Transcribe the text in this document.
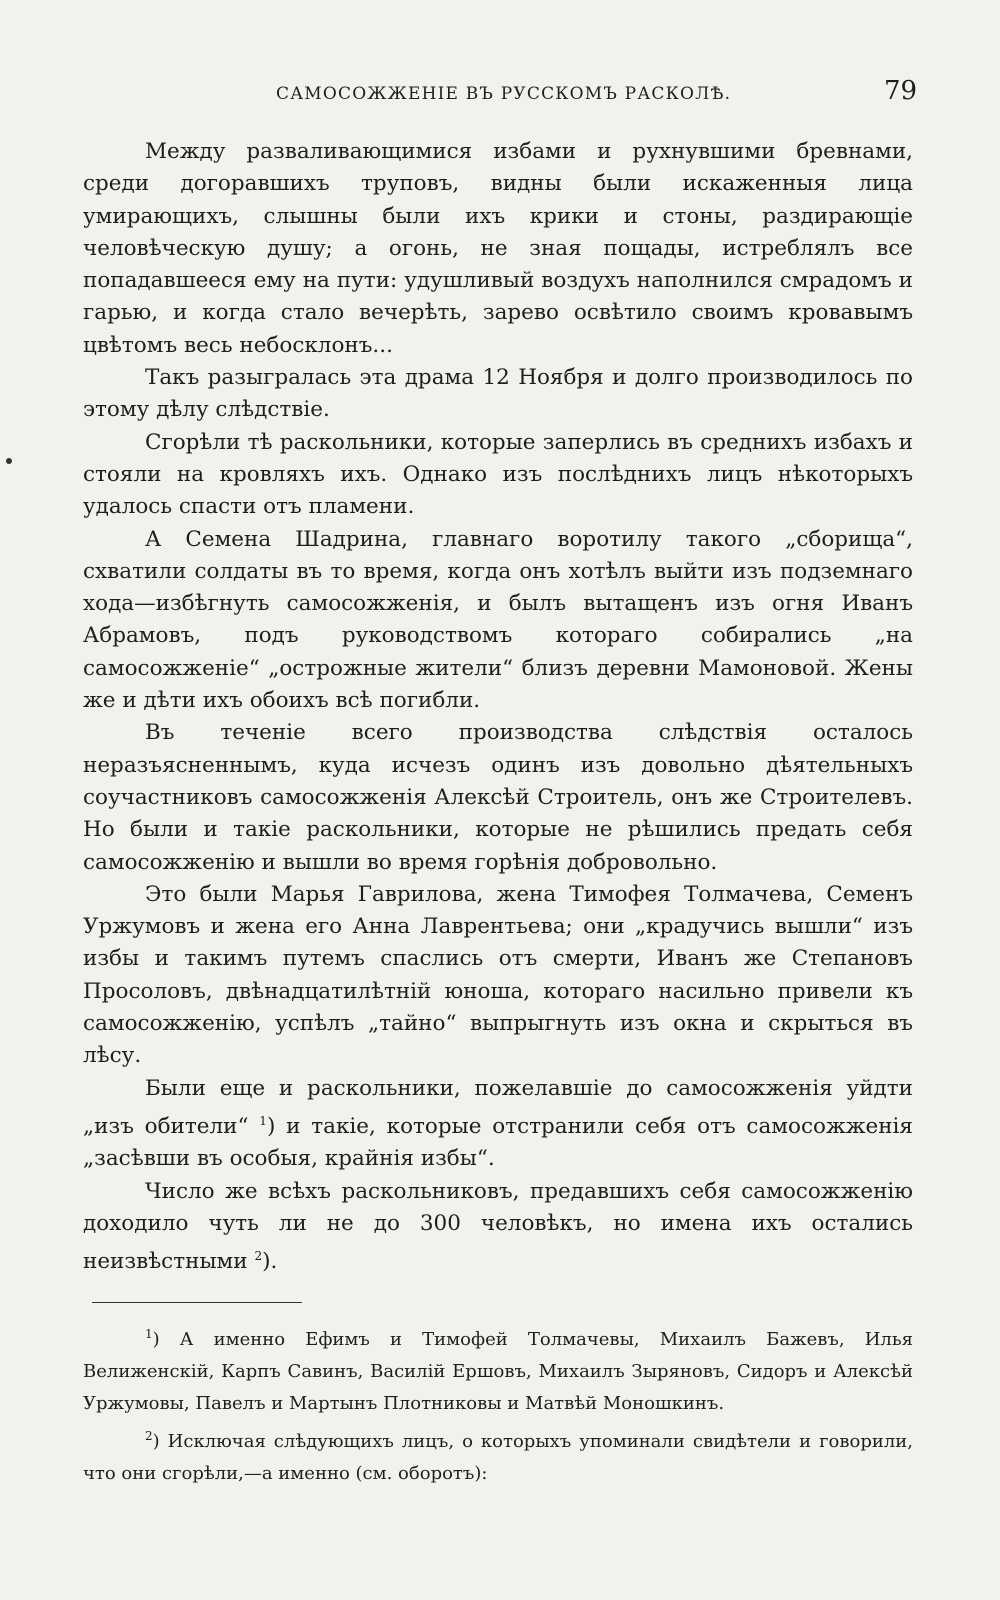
САМОСОЖЖЕНІЕ ВЪ РУССКОМЪ РАСКОЛѢ.	79

Между разваливающимися избами и рухнувшими бревнами, среди догоравшихъ труповъ, видны были искаженныя лица умирающихъ, слышны были ихъ крики и стоны, раздирающіе человѣческую душу; а огонь, не зная пощады, истреблялъ все попадавшееся ему на пути: удушливый воздухъ наполнился смрадомъ и гарью, и когда стало вечерѣть, зарево освѣтило своимъ кровавымъ цвѣтомъ весь небосклонъ...

Такъ разыгралась эта драма 12 Ноября и долго производилось по этому дѣлу слѣдствіе.

Сгорѣли тѣ раскольники, которые заперлись въ среднихъ избахъ и стояли на кровляхъ ихъ. Однако изъ послѣднихъ лицъ нѣкоторыхъ удалось спасти отъ пламени.

А Семена Шадрина, главнаго воротилу такого „сборища“, схватили солдаты въ то время, когда онъ хотѣлъ выйти изъ подземнаго хода—избѣгнуть самосожженія, и былъ вытащенъ изъ огня Иванъ Абрамовъ, подъ руководствомъ котораго собирались „на самосожженіе“ „острожные жители“ близъ деревни Мамоновой. Жены же и дѣти ихъ обоихъ всѣ погибли.

Въ теченіе всего производства слѣдствія осталось неразъясненнымъ, куда исчезъ одинъ изъ довольно дѣятельныхъ соучастниковъ самосожженія Алексѣй Строитель, онъ же Строителевъ. Но были и такіе раскольники, которые не рѣшились предать себя самосожженію и вышли во время горѣнія добровольно.

Это были Марья Гаврилова, жена Тимофея Толмачева, Семенъ Уржумовъ и жена его Анна Лаврентьева; они „крадучись вышли“ изъ избы и такимъ путемъ спаслись отъ смерти, Иванъ же Степановъ Просоловъ, двѣнадцатилѣтній юноша, котораго насильно привели къ самосожженію, успѣлъ „тайно“ выпрыгнуть изъ окна и скрыться въ лѣсу.

Были еще и раскольники, пожелавшіе до самосожженія уйдти „изъ обители“ $^1$) и такіе, которые отстранили себя отъ самосожженія „засѣвши въ особыя, крайнія избы“.

Число же всѣхъ раскольниковъ, предавшихъ себя самосожженію доходило чуть ли не до 300 человѣкъ, но имена ихъ остались неизвѣстными $^2$).

$^1$) А именно Ефимъ и Тимофей Толмачевы, Михаилъ Бажевъ, Илья Велиженскій, Карпъ Савинъ, Василій Ершовъ, Михаилъ Зыряновъ, Сидоръ и Алексѣй Уржумовы, Павелъ и Мартынъ Плотниковы и Матвѣй Моношкинъ.

$^2$) Исключая слѣдующихъ лицъ, о которыхъ упоминали свидѣтели и говорили, что они сгорѣли,—а именно (см. оборотъ):
